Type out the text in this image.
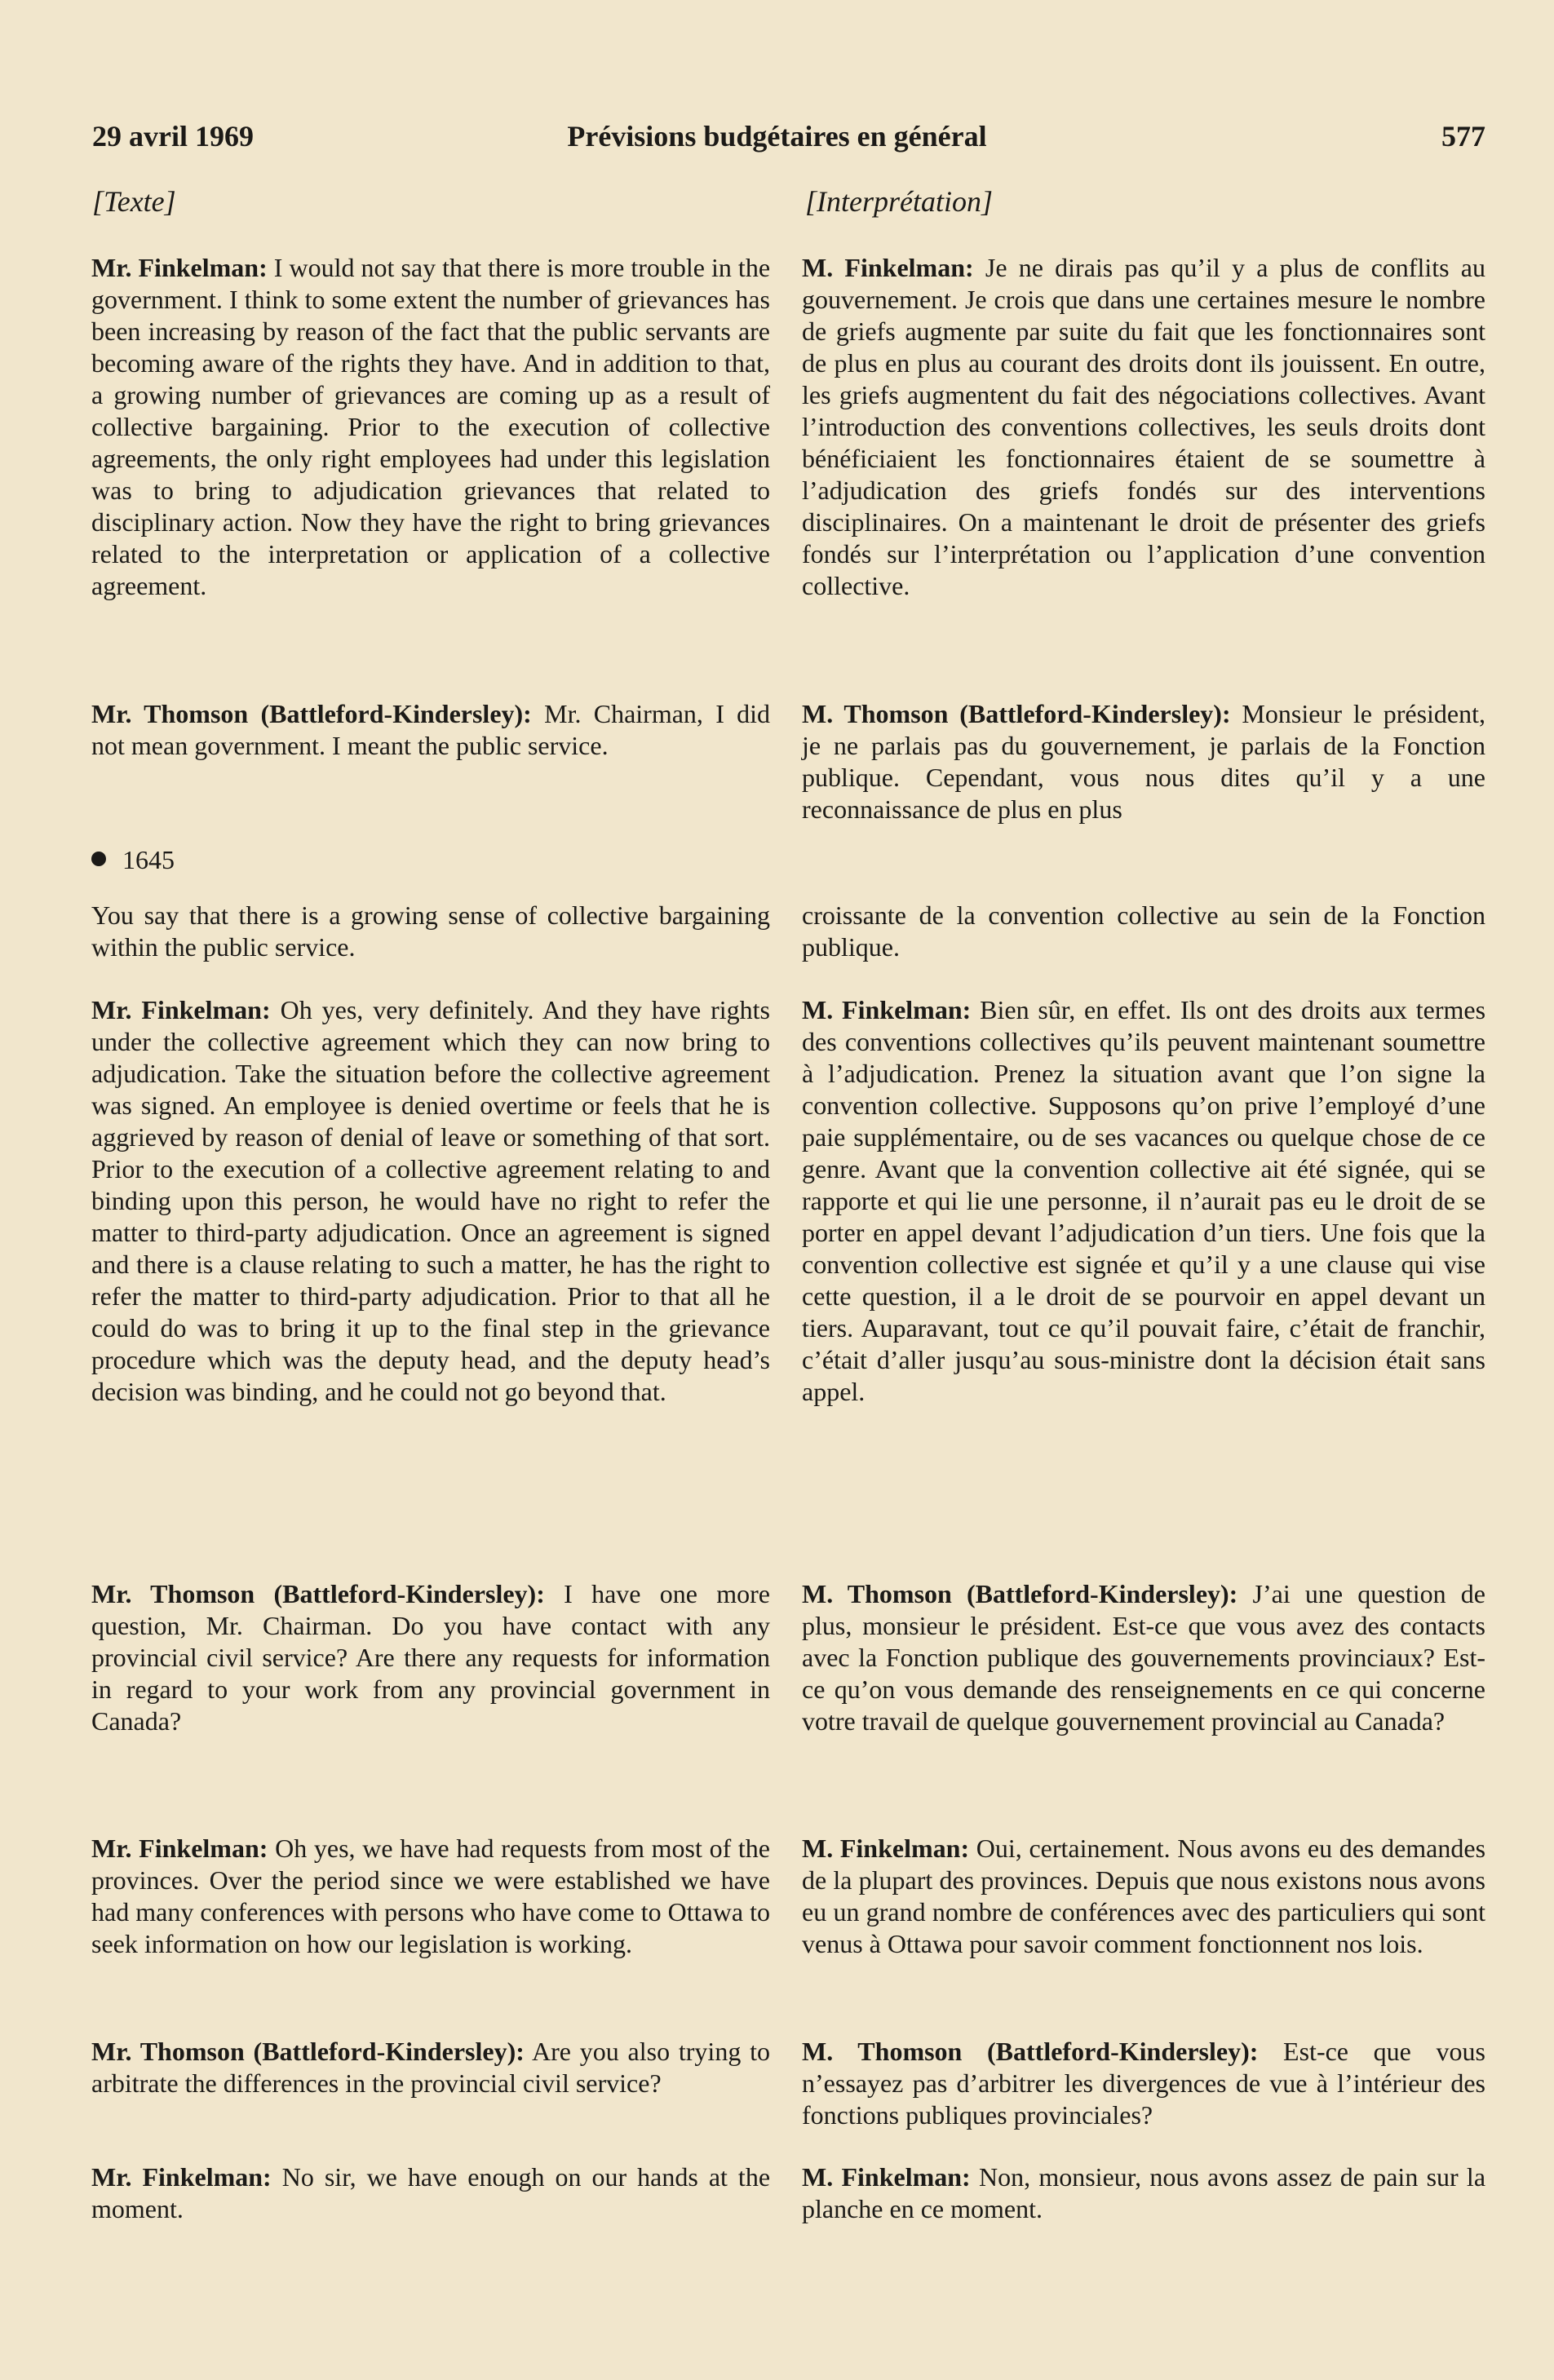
29 avril 1969	Prévisions budgétaires en général	577
[Texte]	[Interprétation]

Mr. Finkelman: I would not say that there is more trouble in the government. I think to some extent the number of grievances has been increasing by reason of the fact that the public servants are becoming aware of the rights they have. And in addition to that, a growing number of grievances are coming up as a result of collective bargaining. Prior to the execution of collective agreements, the only right employees had under this legislation was to bring to adjudication grievances that related to disciplinary action. Now they have the right to bring grievances related to the interpretation or application of a collective agreement.

Mr. Thomson (Battleford-Kindersley): Mr. Chairman, I did not mean government. I meant the public service.

1645

You say that there is a growing sense of collective bargaining within the public service.

Mr. Finkelman: Oh yes, very definitely. And they have rights under the collective agreement which they can now bring to adjudication. Take the situation before the collective agreement was signed. An employee is denied overtime or feels that he is aggrieved by reason of denial of leave or something of that sort. Prior to the execution of a collective agreement relating to and binding upon this person, he would have no right to refer the matter to third-party adjudication. Once an agreement is signed and there is a clause relating to such a matter, he has the right to refer the matter to third-party adjudication. Prior to that all he could do was to bring it up to the final step in the grievance procedure which was the deputy head, and the deputy head’s decision was binding, and he could not go beyond that.

Mr. Thomson (Battleford-Kindersley): I have one more question, Mr. Chairman. Do you have contact with any provincial civil service? Are there any requests for information in regard to your work from any provincial government in Canada?

Mr. Finkelman: Oh yes, we have had requests from most of the provinces. Over the period since we were established we have had many conferences with persons who have come to Ottawa to seek information on how our legislation is working.

Mr. Thomson (Battleford-Kindersley): Are you also trying to arbitrate the differences in the provincial civil service?

Mr. Finkelman: No sir, we have enough on our hands at the moment.

M. Finkelman: Je ne dirais pas qu’il y a plus de conflits au gouvernement. Je crois que dans une certaines mesure le nombre de griefs augmente par suite du fait que les fonctionnaires sont de plus en plus au courant des droits dont ils jouissent. En outre, les griefs augmentent du fait des négociations collectives. Avant l’introduction des conventions collectives, les seuls droits dont bénéficiaient les fonctionnaires étaient de se soumettre à l’adjudication des griefs fondés sur des interventions disciplinaires. On a maintenant le droit de présenter des griefs fondés sur l’interprétation ou l’application d’une convention collective.

M. Thomson (Battleford-Kindersley): Monsieur le président, je ne parlais pas du gouvernement, je parlais de la Fonction publique. Cependant, vous nous dites qu’il y a une reconnaissance de plus en plus

croissante de la convention collective au sein de la Fonction publique.

M. Finkelman: Bien sûr, en effet. Ils ont des droits aux termes des conventions collectives qu’ils peuvent maintenant soumettre à l’adjudication. Prenez la situation avant que l’on signe la convention collective. Supposons qu’on prive l’employé d’une paie supplémentaire, ou de ses vacances ou quelque chose de ce genre. Avant que la convention collective ait été signée, qui se rapporte et qui lie une personne, il n’aurait pas eu le droit de se porter en appel devant l’adjudication d’un tiers. Une fois que la convention collective est signée et qu’il y a une clause qui vise cette question, il a le droit de se pourvoir en appel devant un tiers. Auparavant, tout ce qu’il pouvait faire, c’était de franchir, c’était d’aller jusqu’au sous-ministre dont la décision était sans appel.

M. Thomson (Battleford-Kindersley): J’ai une question de plus, monsieur le président. Est-ce que vous avez des contacts avec la Fonction publique des gouvernements provinciaux? Est-ce qu’on vous demande des renseignements en ce qui concerne votre travail de quelque gouvernement provincial au Canada?

M. Finkelman: Oui, certainement. Nous avons eu des demandes de la plupart des provinces. Depuis que nous existons nous avons eu un grand nombre de conférences avec des particuliers qui sont venus à Ottawa pour savoir comment fonctionnent nos lois.

M. Thomson (Battleford-Kindersley): Est-ce que vous n’essayez pas d’arbitrer les divergences de vue à l’intérieur des fonctions publiques provinciales?

M. Finkelman: Non, monsieur, nous avons assez de pain sur la planche en ce moment.
